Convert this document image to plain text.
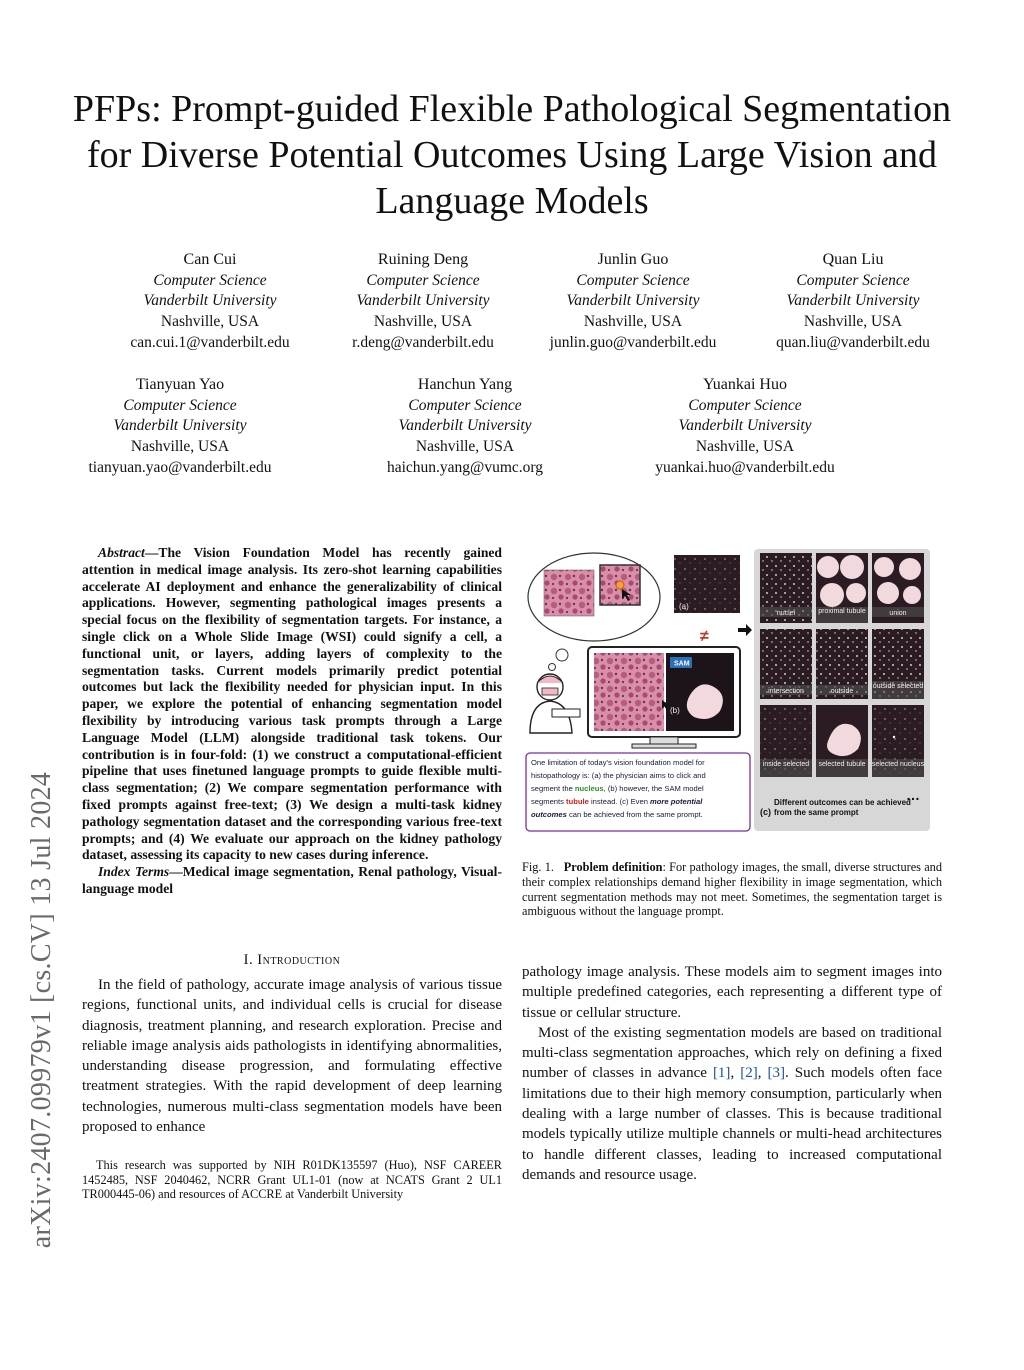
PFPs: Prompt-guided Flexible Pathological Segmentation for Diverse Potential Outcomes Using Large Vision and Language Models
arXiv:2407.09979v1 [cs.CV] 13 Jul 2024
Can Cui
Computer Science
Vanderbilt University
Nashville, USA
can.cui.1@vanderbilt.edu
Ruining Deng
Computer Science
Vanderbilt University
Nashville, USA
r.deng@vanderbilt.edu
Junlin Guo
Computer Science
Vanderbilt University
Nashville, USA
junlin.guo@vanderbilt.edu
Quan Liu
Computer Science
Vanderbilt University
Nashville, USA
quan.liu@vanderbilt.edu
Tianyuan Yao
Computer Science
Vanderbilt University
Nashville, USA
tianyuan.yao@vanderbilt.edu
Hanchun Yang
Computer Science
Vanderbilt University
Nashville, USA
haichun.yang@vumc.org
Yuankai Huo
Computer Science
Vanderbilt University
Nashville, USA
yuankai.huo@vanderbilt.edu

Abstract—The Vision Foundation Model has recently gained attention in medical image analysis. Its zero-shot learning capabilities accelerate AI deployment and enhance the generalizability of clinical applications. However, segmenting pathological images presents a special focus on the flexibility of segmentation targets. For instance, a single click on a Whole Slide Image (WSI) could signify a cell, a functional unit, or layers, adding layers of complexity to the segmentation tasks. Current models primarily predict potential outcomes but lack the flexibility needed for physician input. In this paper, we explore the potential of enhancing segmentation model flexibility by introducing various task prompts through a Large Language Model (LLM) alongside traditional task tokens. Our contribution is in four-fold: (1) we construct a computational-efficient pipeline that uses finetuned language prompts to guide flexible multi-class segmentation; (2) We compare segmentation performance with fixed prompts against free-text; (3) We design a multi-task kidney pathology segmentation dataset and the corresponding various free-text prompts; and (4) We evaluate our approach on the kidney pathology dataset, assessing its capacity to new cases during inference.

Index Terms—Medical image segmentation, Renal pathology, Visual-language model

I. Introduction

In the field of pathology, accurate image analysis of various tissue regions, functional units, and individual cells is crucial for disease diagnosis, treatment planning, and research exploration. Precise and reliable image analysis aids pathologists in identifying abnormalities, understanding disease progression, and formulating effective treatment strategies. With the rapid development of deep learning technologies, numerous multi-class segmentation models have been proposed to enhance

This research was supported by NIH R01DK135597 (Huo), NSF CAREER 1452485, NSF 2040462, NCRR Grant UL1-01 (now at NCATS Grant 2 UL1 TR000445-06) and resources of ACCRE at Vanderbilt University

pathology image analysis. These models aim to segment images into multiple predefined categories, each representing a different type of tissue or cellular structure.

Most of the existing segmentation models are based on traditional multi-class segmentation approaches, which rely on defining a fixed number of classes in advance [1], [2], [3]. Such models often face limitations due to their high memory consumption, particularly when dealing with a large number of classes. This is because traditional models typically utilize multiple channels or multi-head architectures to handle different classes, leading to increased computational demands and resource usage.

Fig. 1. Problem definition: For pathology images, the small, diverse structures and their complex relationships demand higher flexibility in image segmentation, which current segmentation methods may not meet. Sometimes, the segmentation target is ambiguous without the language prompt.
(a)
≠
SAM
(b)
One limitation of today's vision foundation model for histopathology is: (a) the physician aims to click and segment the nucleus, (b) however, the SAM model segments tubule instead. (c) Even more potential outcomes can be achieved from the same prompt.
nuclei	proximal tubule	union
intersection	outside
outside selected
inside selected selected tubule selected nucleus
(c)
Different outcomes can be achieved from the same prompt
…
